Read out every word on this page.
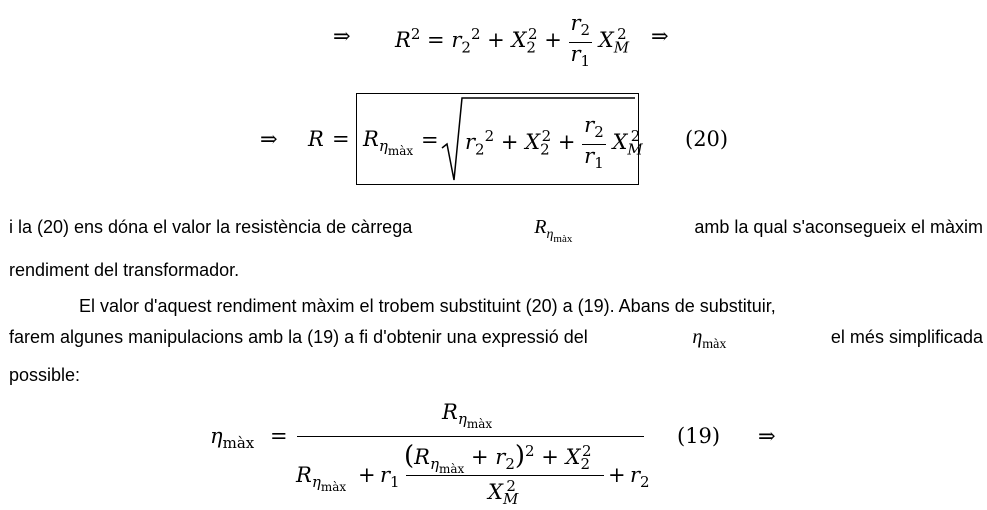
⇒ $R^2 = r_2^2 + X_2^2 + \frac{r_2}{r_1} X_M^2$ ⇒
⇒ $R = R_{\eta_{màx}} = r_2^2 + X_2^2 + \frac{r_2}{r_1} X_M^2$ (20)
i la (20) ens dóna el valor la resistència de càrrega	$R_{\eta_{màx}}$
amb la qual s'aconsegueix el màxim
rendiment del transformador.
El valor d'aquest rendiment màxim el trobem substituint (20) a (19). Abans de substituir,
farem algunes manipulacions amb la (19) a fi d'obtenir una expressió del	$\eta_{màx}$	el més simplificada
possible:
$\eta_{màx}$ =
$R_{\eta_{màx}}$
$R_{\eta_{màx}}$
+ $r_1$
$(R_{\eta_{màx}} + r_2)^2 + X_2^2$
$X_M^2$	+ $r_2$
(19) ⇒
